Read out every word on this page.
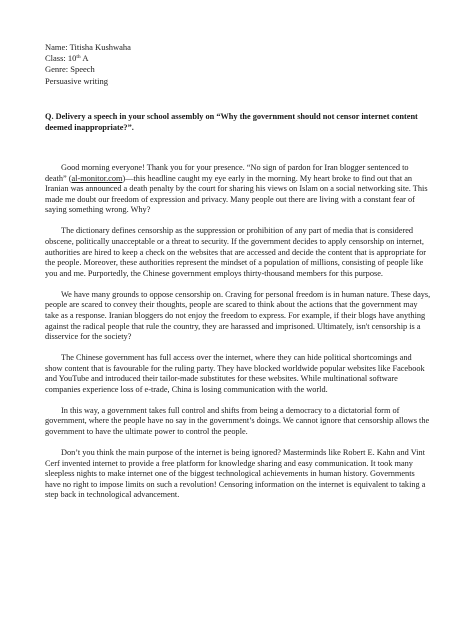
Name: Titisha Kushwaha
Class: 10th A
Genre: Speech
Persuasive writing
Q. Delivery a speech in your school assembly on “Why the government should not censor internet content deemed inappropriate?”.

Good morning everyone! Thank you for your presence. “No sign of pardon for Iran blogger sentenced to death” (al-monitor.com)—this headline caught my eye early in the morning. My heart broke to find out that an Iranian was announced a death penalty by the court for sharing his views on Islam on a social networking site. This made me doubt our freedom of expression and privacy. Many people out there are living with a constant fear of saying something wrong. Why?

The dictionary defines censorship as the suppression or prohibition of any part of media that is considered obscene, politically unacceptable or a threat to security. If the government decides to apply censorship on internet, authorities are hired to keep a check on the websites that are accessed and decide the content that is appropriate for the people. Moreover, these authorities represent the mindset of a population of millions, consisting of people like you and me. Purportedly, the Chinese government employs thirty-thousand members for this purpose.

We have many grounds to oppose censorship on. Craving for personal freedom is in human nature. These days, people are scared to convey their thoughts, people are scared to think about the actions that the government may take as a response. Iranian bloggers do not enjoy the freedom to express. For example, if their blogs have anything against the radical people that rule the country, they are harassed and imprisoned. Ultimately, isn't censorship is a disservice for the society?

The Chinese government has full access over the internet, where they can hide political shortcomings and show content that is favourable for the ruling party. They have blocked worldwide popular websites like Facebook and YouTube and introduced their tailor-made substitutes for these websites. While multinational software companies experience loss of e-trade, China is losing communication with the world.

In this way, a government takes full control and shifts from being a democracy to a dictatorial form of government, where the people have no say in the government’s doings. We cannot ignore that censorship allows the government to have the ultimate power to control the people.

Don’t you think the main purpose of the internet is being ignored? Masterminds like Robert E. Kahn and Vint Cerf invented internet to provide a free platform for knowledge sharing and easy communication. It took many sleepless nights to make internet one of the biggest technological achievements in human history. Governments have no right to impose limits on such a revolution! Censoring information on the internet is equivalent to taking a step back in technological advancement.
